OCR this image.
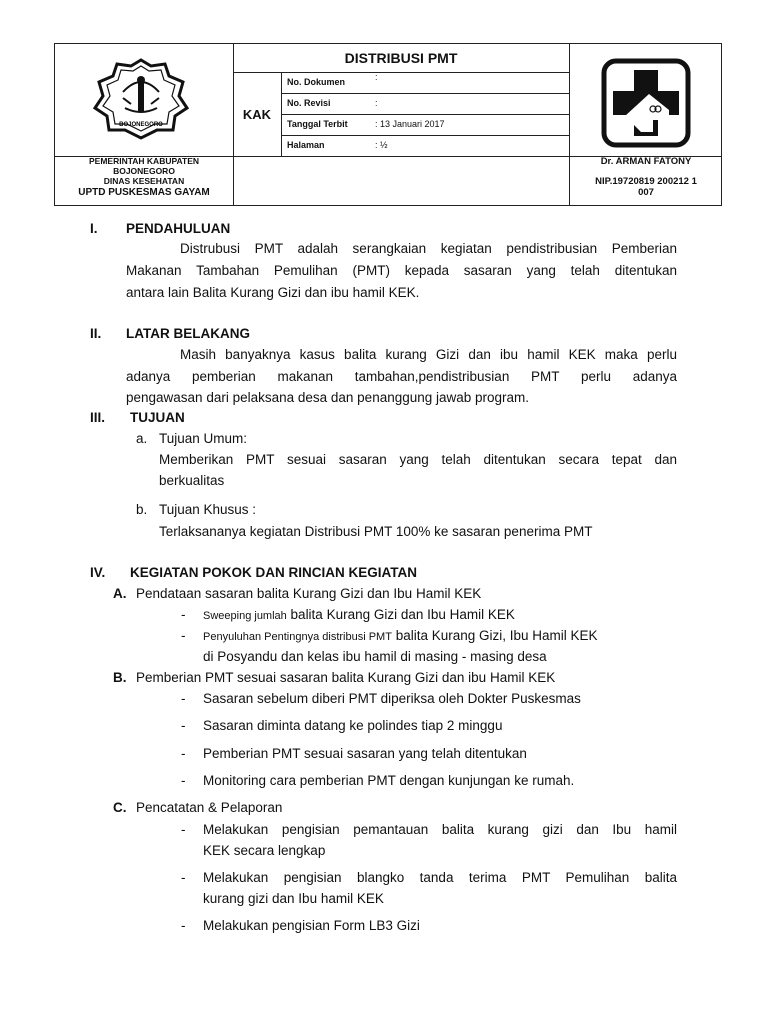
BOJONEGORO
DISTRIBUSI PMT
KAK
No. Dokumen	:
No. Revisi	:
Tanggal Terbit	: 13 Januari 2017
Halaman	: ½
PEMERINTAH KABUPATEN
BOJONEGORO
DINAS KESEHATAN
UPTD PUSKESMAS GAYAM
Dr. ARMAN FATONY
NIP.19720819 200212 1
007
I. PENDAHULUAN
Distrubusi PMT adalah serangkaian kegiatan pendistribusian Pemberian
Makanan Tambahan Pemulihan (PMT) kepada sasaran yang telah ditentukan
antara lain Balita Kurang Gizi dan ibu hamil KEK.
II. LATAR BELAKANG
Masih banyaknya kasus balita kurang Gizi dan ibu hamil KEK maka perlu
adanya pemberian makanan tambahan,pendistribusian PMT perlu adanya
pengawasan dari pelaksana desa dan penanggung jawab program.
III. TUJUAN
a. Tujuan Umum:
Memberikan PMT sesuai sasaran yang telah ditentukan secara tepat dan
berkualitas
b. Tujuan Khusus :
Terlaksananya kegiatan Distribusi PMT 100% ke sasaran penerima PMT
IV. KEGIATAN POKOK DAN RINCIAN KEGIATAN
A. Pendataan sasaran balita Kurang Gizi dan Ibu Hamil KEK
- Sweeping jumlah balita Kurang Gizi dan Ibu Hamil KEK
- Penyuluhan Pentingnya distribusi PMT balita Kurang Gizi, Ibu Hamil KEK
di Posyandu dan kelas ibu hamil di masing - masing desa
B. Pemberian PMT sesuai sasaran balita Kurang Gizi dan ibu Hamil KEK
- Sasaran sebelum diberi PMT diperiksa oleh Dokter Puskesmas
- Sasaran diminta datang ke polindes tiap 2 minggu
- Pemberian PMT sesuai sasaran yang telah ditentukan
- Monitoring cara pemberian PMT dengan kunjungan ke rumah.
C. Pencatatan & Pelaporan
- Melakukan pengisian pemantauan balita kurang gizi dan Ibu hamil
KEK secara lengkap
- Melakukan pengisian blangko tanda terima PMT Pemulihan balita
kurang gizi dan Ibu hamil KEK
- Melakukan pengisian Form LB3 Gizi
